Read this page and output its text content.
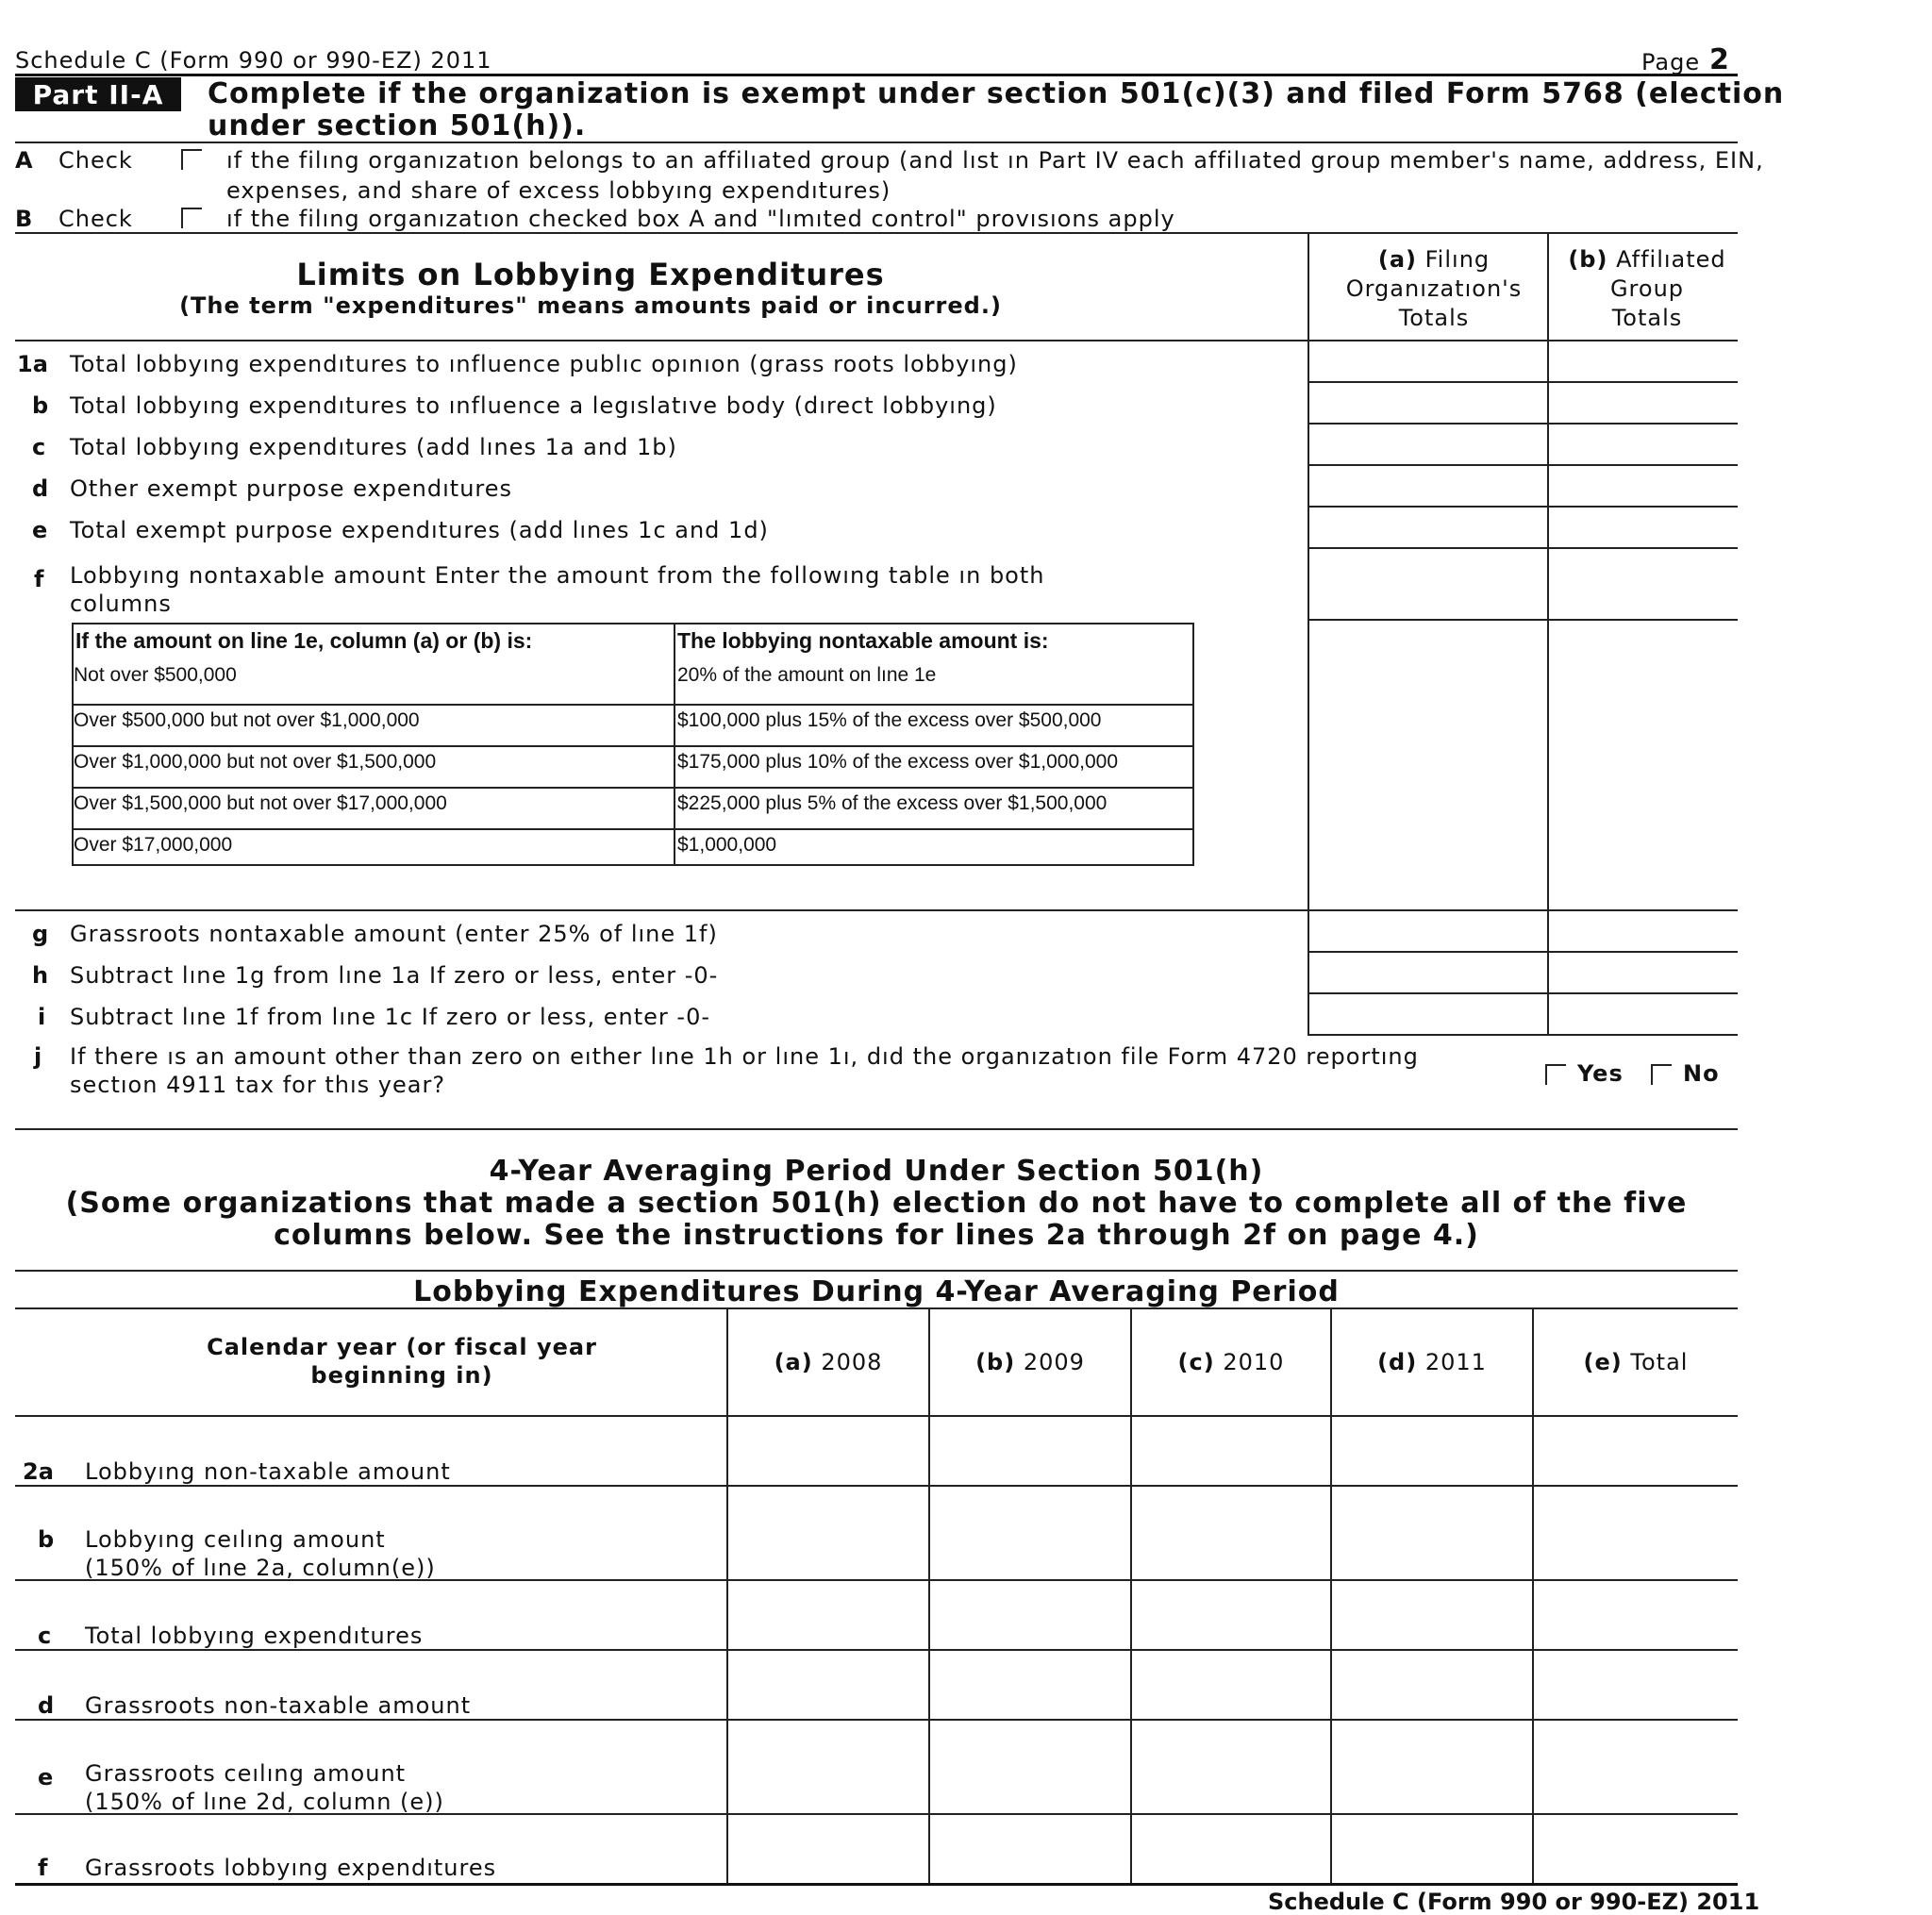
Schedule C (Form 990 or 990-EZ) 2011	Page 2
Part II-A	Complete if the organization is exempt under section 501(c)(3) and filed Form 5768 (election
under section 501(h)).
A Check	ıf the filıng organızatıon belongs to an affilıated group (and lıst ın Part IV each affilıated group member's name, address, EIN,
expenses, and share of excess lobbyıng expendıtures)
B Check	ıf the filıng organızatıon checked box A and "lımıted control" provısıons apply
Limits on Lobbying Expenditures
(The term "expenditures" means amounts paid or incurred.)
(a) Filıng
Organızatıon's
Totals
(b) Affilıated
Group
Totals
1a Total lobbyıng expendıtures to ınfluence publıc opınıon (grass roots lobbyıng)
b Total lobbyıng expendıtures to ınfluence a legıslatıve body (dırect lobbyıng)
c Total lobbyıng expendıtures (add lınes 1a and 1b)
d Other exempt purpose expendıtures
e Total exempt purpose expendıtures (add lınes 1c and 1d)
f Lobbyıng nontaxable amount Enter the amount from the followıng table ın both
columns
If the amount on line 1e, column (a) or (b) is:	The lobbying nontaxable amount is:
Not over $500,000	20% of the amount on lıne 1e
Over $500,000 but not over $1,000,000	$100,000 plus 15% of the excess over $500,000
Over $1,000,000 but not over $1,500,000	$175,000 plus 10% of the excess over $1,000,000
Over $1,500,000 but not over $17,000,000	$225,000 plus 5% of the excess over $1,500,000
Over $17,000,000	$1,000,000
g Grassroots nontaxable amount (enter 25% of lıne 1f)
h Subtract lıne 1g from lıne 1a If zero or less, enter -0-
i Subtract lıne 1f from lıne 1c If zero or less, enter -0-
j If there ıs an amount other than zero on eıther lıne 1h or lıne 1ı, dıd the organızatıon file Form 4720 reportıng
sectıon 4911 tax for thıs year?	Yes	No
4-Year Averaging Period Under Section 501(h)
(Some organizations that made a section 501(h) election do not have to complete all of the five
columns below. See the instructions for lines 2a through 2f on page 4.)
Lobbying Expenditures During 4-Year Averaging Period
Calendar year (or fiscal year
beginning in)	(a) 2008	(b) 2009	(c) 2010	(d) 2011	(e) Total
2a Lobbyıng non-taxable amount
b Lobbyıng ceılıng amount
(150% of lıne 2a, column(e))
c Total lobbyıng expendıtures
d Grassroots non-taxable amount
e Grassroots ceılıng amount
(150% of lıne 2d, column (e))
f Grassroots lobbyıng expendıtures
Schedule C (Form 990 or 990-EZ) 2011
